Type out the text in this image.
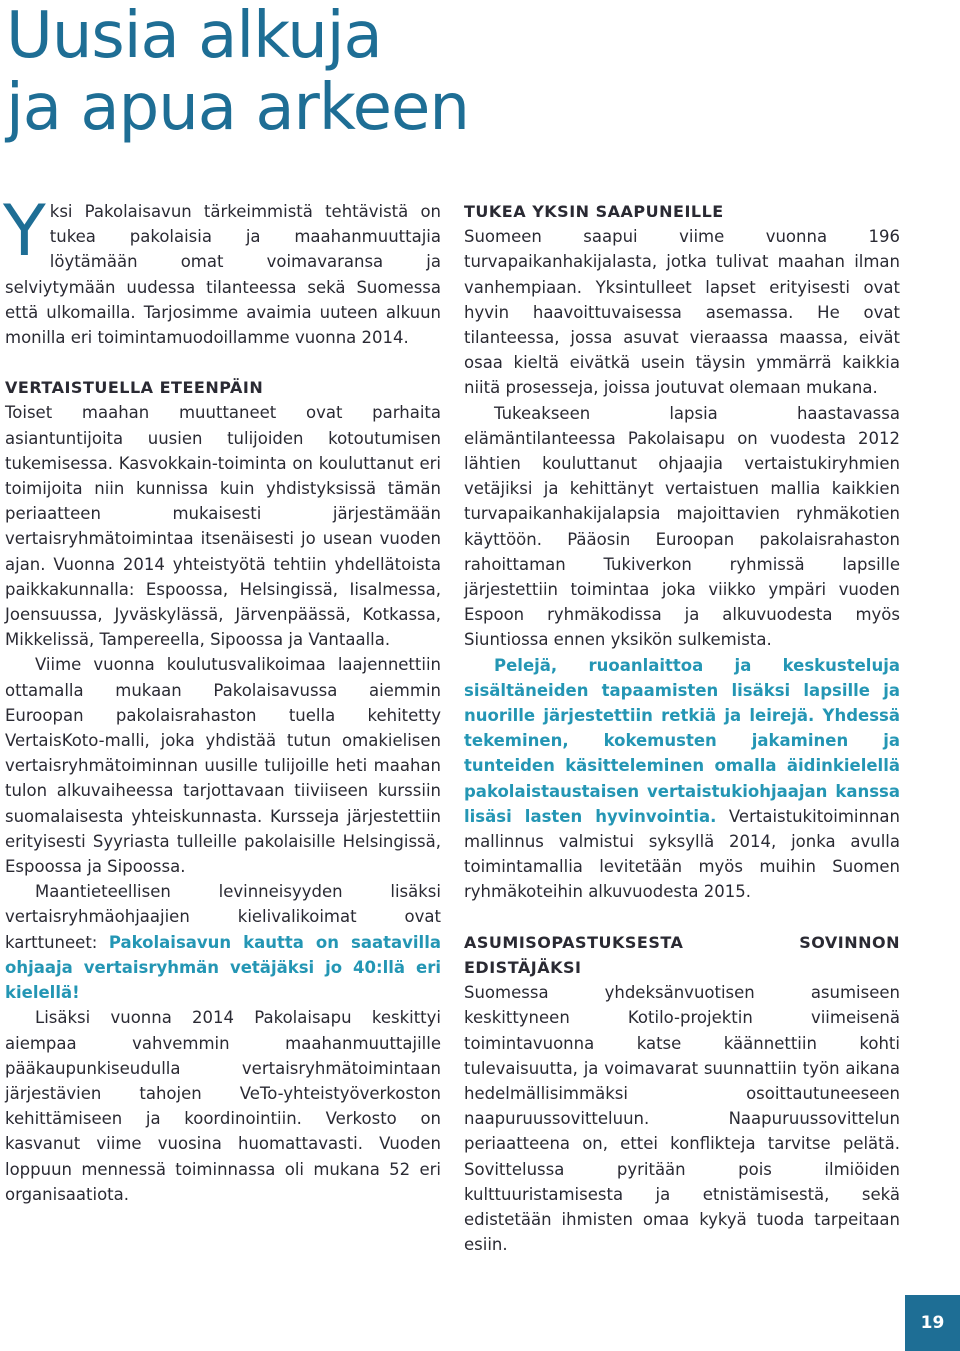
Uusia alkuja
ja apua arkeen

Yksi Pakolaisavun tärkeimmistä tehtävistä on tukea pakolaisia ja maahanmuuttajia löytämään omat voimavaransa ja selviytymään uudessa tilanteessa sekä Suomessa että ulkomailla. Tarjosimme avaimia uuteen alkuun monilla eri toimintamuodoillamme vuonna 2014.

VERTAISTUELLA ETEENPÄIN

Toiset maahan muuttaneet ovat parhaita asiantuntijoita uusien tulijoiden kotoutumisen tukemisessa. Kasvokkain-toiminta on kouluttanut eri toimijoita niin kunnissa kuin yhdistyksissä tämän periaatteen mukaisesti järjestämään vertaisryhmätoimintaa itsenäisesti jo usean vuoden ajan. Vuonna 2014 yhteistyötä tehtiin yhdellätoista paikkakunnalla: Espoossa, Helsingissä, Iisalmessa, Joensuussa, Jyväskylässä, Järvenpäässä, Kotkassa, Mikkelissä, Tampereella, Sipoossa ja Vantaalla.

Viime vuonna koulutusvalikoimaa laajennettiin ottamalla mukaan Pakolaisavussa aiemmin Euroopan pakolaisrahaston tuella kehitetty VertaisKoto-malli, joka yhdistää tutun omakielisen vertaisryhmätoiminnan uusille tulijoille heti maahan tulon alkuvaiheessa tarjottavaan tiiviiseen kurssiin suomalaisesta yhteiskunnasta. Kursseja järjestettiin erityisesti Syyriasta tulleille pakolaisille Helsingissä, Espoossa ja Sipoossa.

Maantieteellisen levinneisyyden lisäksi vertaisryhmäohjaajien kielivalikoimat ovat karttuneet: Pakolaisavun kautta on saatavilla ohjaaja vertaisryhmän vetäjäksi jo 40:llä eri kielellä!

Lisäksi vuonna 2014 Pakolaisapu keskittyi aiempaa vahvemmin maahanmuuttajille pääkaupunkiseudulla vertaisryhmätoimintaan järjestävien tahojen VeTo-yhteistyöverkoston kehittämiseen ja koordinointiin. Verkosto on kasvanut viime vuosina huomattavasti. Vuoden loppuun mennessä toiminnassa oli mukana 52 eri organisaatiota.

TUKEA YKSIN SAAPUNEILLE

Suomeen saapui viime vuonna 196 turvapaikanhakijalasta, jotka tulivat maahan ilman vanhempiaan. Yksintulleet lapset erityisesti ovat hyvin haavoittuvaisessa asemassa. He ovat tilanteessa, jossa asuvat vieraassa maassa, eivät osaa kieltä eivätkä usein täysin ymmärrä kaikkia niitä prosesseja, joissa joutuvat olemaan mukana.

Tukeakseen lapsia haastavassa elämäntilanteessa Pakolaisapu on vuodesta 2012 lähtien kouluttanut ohjaajia vertaistukiryhmien vetäjiksi ja kehittänyt vertaistuen mallia kaikkien turvapaikanhakijalapsia majoittavien ryhmäkotien käyttöön. Pääosin Euroopan pakolaisrahaston rahoittaman Tukiverkon ryhmissä lapsille järjestettiin toimintaa joka viikko ympäri vuoden Espoon ryhmäkodissa ja alkuvuodesta myös Siuntiossa ennen yksikön sulkemista.

Pelejä, ruoanlaittoa ja keskusteluja sisältäneiden tapaamisten lisäksi lapsille ja nuorille järjestettiin retkiä ja leirejä. Yhdessä tekeminen, kokemusten jakaminen ja tunteiden käsitteleminen omalla äidinkielellä pakolaistaustaisen vertaistukiohjaajan kanssa lisäsi lasten hyvinvointia. Vertaistukitoiminnan mallinnus valmistui syksyllä 2014, jonka avulla toimintamallia levitetään myös muihin Suomen ryhmäkoteihin alkuvuodesta 2015.

ASUMISOPASTUKSESTA SOVINNON EDISTÄJÄKSI

Suomessa yhdeksänvuotisen asumiseen keskittyneen Kotilo-projektin viimeisenä toimintavuonna katse käännettiin kohti tulevaisuutta, ja voimavarat suunnattiin työn aikana hedelmällisimmäksi osoittautuneeseen naapuruussovitteluun. Naapuruussovittelun periaatteena on, ettei konflikteja tarvitse pelätä. Sovittelussa pyritään pois ilmiöiden kulttuuristamisesta ja etnistämisestä, sekä edistetään ihmisten omaa kykyä tuoda tarpeitaan esiin.

19
